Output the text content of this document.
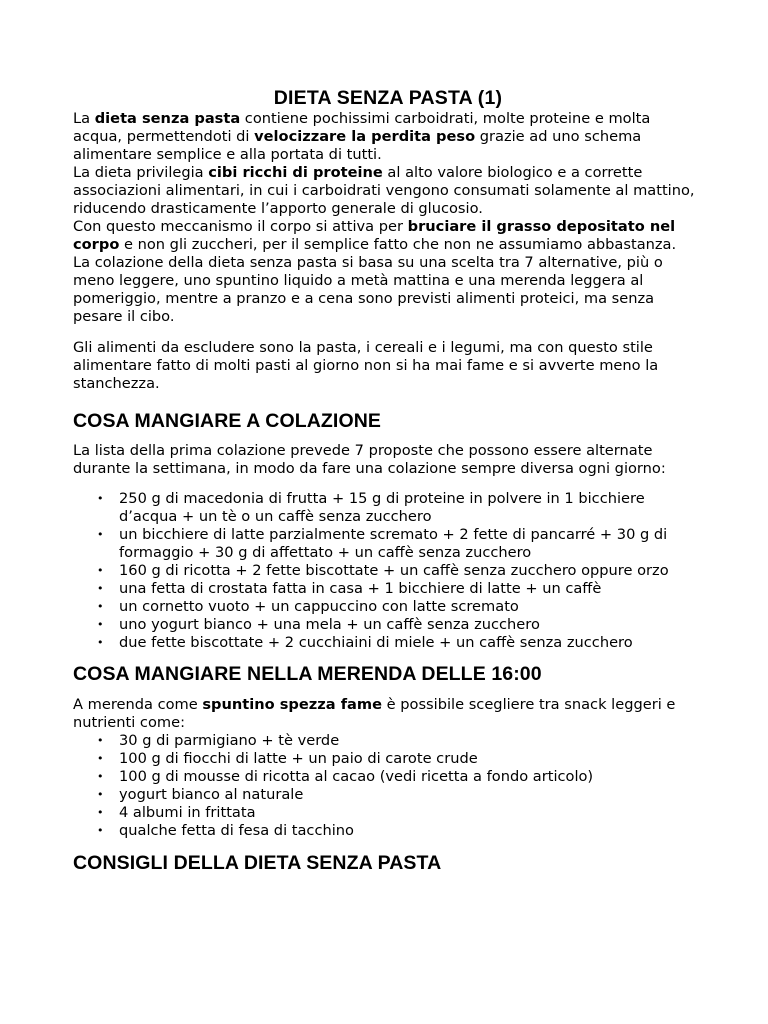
DIETA SENZA PASTA (1)

La dieta senza pasta contiene pochissimi carboidrati, molte proteine e molta acqua, permettendoti di velocizzare la perdita peso grazie ad uno schema alimentare semplice e alla portata di tutti.

La dieta privilegia cibi ricchi di proteine al alto valore biologico e a corrette associazioni alimentari, in cui i carboidrati vengono consumati solamente al mattino, riducendo drasticamente l’apporto generale di glucosio.

Con questo meccanismo il corpo si attiva per bruciare il grasso depositato nel corpo e non gli zuccheri, per il semplice fatto che non ne assumiamo abbastanza.

La colazione della dieta senza pasta si basa su una scelta tra 7 alternative, più o meno leggere, uno spuntino liquido a metà mattina e una merenda leggera al pomeriggio, mentre a pranzo e a cena sono previsti alimenti proteici, ma senza pesare il cibo.

Gli alimenti da escludere sono la pasta, i cereali e i legumi, ma con questo stile alimentare fatto di molti pasti al giorno non si ha mai fame e si avverte meno la stanchezza.

COSA MANGIARE A COLAZIONE

La lista della prima colazione prevede 7 proposte che possono essere alternate durante la settimana, in modo da fare una colazione sempre diversa ogni giorno:

• 250 g di macedonia di frutta + 15 g di proteine in polvere in 1 bicchiere d’acqua + un tè o un caffè senza zucchero
• un bicchiere di latte parzialmente scremato + 2 fette di pancarré + 30 g di formaggio + 30 g di affettato + un caffè senza zucchero
• 160 g di ricotta + 2 fette biscottate + un caffè senza zucchero oppure orzo
• una fetta di crostata fatta in casa + 1 bicchiere di latte + un caffè
• un cornetto vuoto + un cappuccino con latte scremato
• uno yogurt bianco + una mela + un caffè senza zucchero
• due fette biscottate + 2 cucchiaini di miele + un caffè senza zucchero
COSA MANGIARE NELLA MERENDA DELLE 16:00

A merenda come spuntino spezza fame è possibile scegliere tra snack leggeri e nutrienti come:

• 30 g di parmigiano + tè verde
• 100 g di fiocchi di latte + un paio di carote crude
• 100 g di mousse di ricotta al cacao (vedi ricetta a fondo articolo)
• yogurt bianco al naturale
• 4 albumi in frittata
• qualche fetta di fesa di tacchino
CONSIGLI DELLA DIETA SENZA PASTA
